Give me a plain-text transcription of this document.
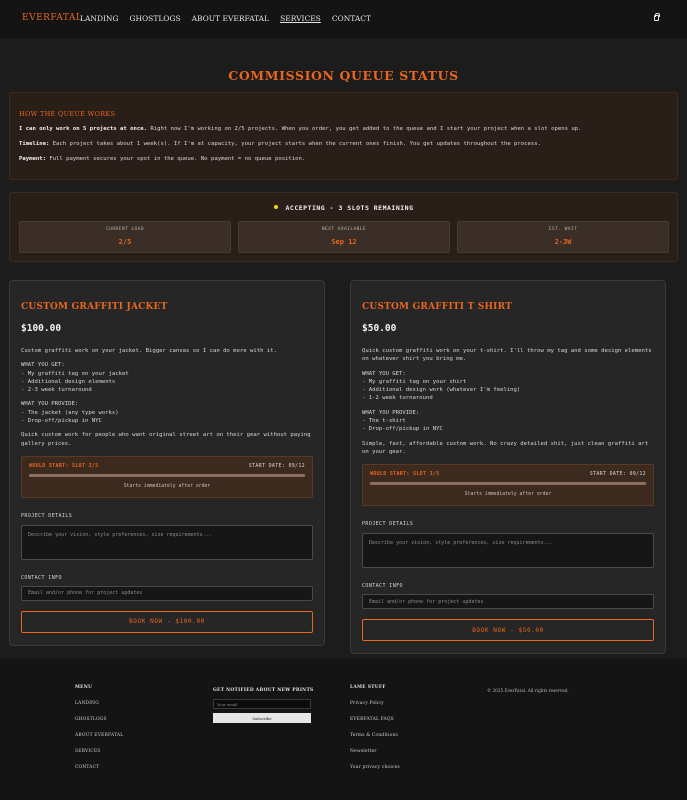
EVERFATAL
LANDING GHOSTLOGS ABOUT EVERFATAL SERVICES CONTACT
COMMISSION QUEUE STATUS
HOW THE QUEUE WORKS

I can only work on 5 projects at once. Right now I'm working on 2/5 projects. When you order, you get added to the queue and I start your project when a slot opens up.

Timeline: Each project takes about 1 week(s). If I'm at capacity, your project starts when the current ones finish. You get updates throughout the process.

Payment: Full payment secures your spot in the queue. No payment = no queue position.

ACCEPTING - 3 SLOTS REMAINING
CURRENT LOAD
2/5
NEXT AVAILABLE
Sep 12
EST. WAIT
2-3W
CUSTOM GRAFFITI JACKET
$100.00

Custom graffiti work on your jacket. Bigger canvas so I can do more with it.

WHAT YOU GET:
- My graffiti tag on your jacket
- Additional design elements
- 2-3 week turnaround
WHAT YOU PROVIDE:
- The jacket (any type works)
- Drop-off/pickup in NYC

Quick custom work for people who want original street art on their gear without paying gallery prices.

WOULD START: SLOT 3/5	START DATE: 09/12
Starts immediately after order
PROJECT DETAILS
Describe your vision, style preferences, size requirements...
CONTACT INFO
Email and/or phone for project updates
BOOK NOW - $100.00
CUSTOM GRAFFITI T SHIRT
$50.00

Quick custom graffiti work on your t-shirt. I'll throw my tag and some design elements on whatever shirt you bring me.

WHAT YOU GET:
- My graffiti tag on your shirt
- Additional design work (whatever I'm feeling)
- 1-2 week turnaround
WHAT YOU PROVIDE:
- The t-shirt
- Drop-off/pickup in NYC

Simple, fast, affordable custom work. No crazy detailed shit, just clean graffiti art on your gear.

WOULD START: SLOT 3/5	START DATE: 09/12
Starts immediately after order
PROJECT DETAILS
Describe your vision, style preferences, size requirements...
CONTACT INFO
Email and/or phone for project updates
BOOK NOW - $50.00
MENU
LANDING
GHOSTLOGS
ABOUT EVERFATAL
SERVICES
CONTACT
GET NOTIFIED ABOUT NEW PRINTS
Your email
Subscribe
LAME STUFF
Privacy Policy
EVERFATAL FAQS
Terms & Conditions
Newsletter
Your privacy choices
© 2025 EverFatal. All rights reserved.
